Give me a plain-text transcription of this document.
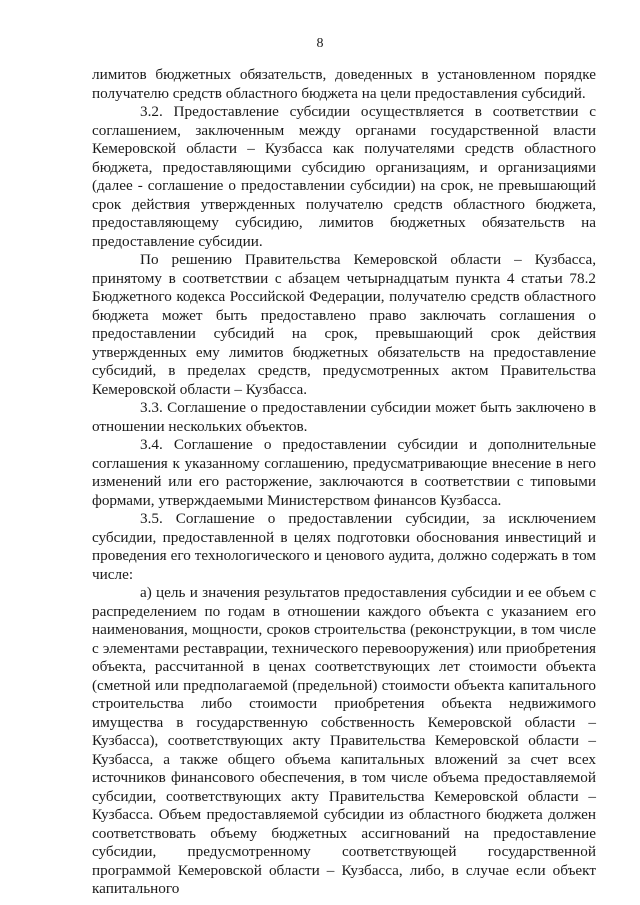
8

лимитов бюджетных обязательств, доведенных в установленном порядке получателю средств областного бюджета на цели предоставления субсидий.

3.2. Предоставление субсидии осуществляется в соответствии с соглашением, заключенным между органами государственной власти Кемеровской области – Кузбасса как получателями средств областного бюджета, предоставляющими субсидию организациям, и организациями (далее - соглашение о предоставлении субсидии) на срок, не превышающий срок действия утвержденных получателю средств областного бюджета, предоставляющему субсидию, лимитов бюджетных обязательств на предоставление субсидии.

По решению Правительства Кемеровской области – Кузбасса, принятому в соответствии с абзацем четырнадцатым пункта 4 статьи 78.2 Бюджетного кодекса Российской Федерации, получателю средств областного бюджета может быть предоставлено право заключать соглашения о предоставлении субсидий на срок, превышающий срок действия утвержденных ему лимитов бюджетных обязательств на предоставление субсидий, в пределах средств, предусмотренных актом Правительства Кемеровской области – Кузбасса.

3.3. Соглашение о предоставлении субсидии может быть заключено в отношении нескольких объектов.

3.4. Соглашение о предоставлении субсидии и дополнительные соглашения к указанному соглашению, предусматривающие внесение в него изменений или его расторжение, заключаются в соответствии с типовыми формами, утверждаемыми Министерством финансов Кузбасса.

3.5. Соглашение о предоставлении субсидии, за исключением субсидии, предоставленной в целях подготовки обоснования инвестиций и проведения его технологического и ценового аудита, должно содержать в том числе:

а) цель и значения результатов предоставления субсидии и ее объем с распределением по годам в отношении каждого объекта с указанием его наименования, мощности, сроков строительства (реконструкции, в том числе с элементами реставрации, технического перевооружения) или приобретения объекта, рассчитанной в ценах соответствующих лет стоимости объекта (сметной или предполагаемой (предельной) стоимости объекта капитального строительства либо стоимости приобретения объекта недвижимого имущества в государственную собственность Кемеровской области – Кузбасса), соответствующих акту Правительства Кемеровской области – Кузбасса, а также общего объема капитальных вложений за счет всех источников финансового обеспечения, в том числе объема предоставляемой субсидии, соответствующих акту Правительства Кемеровской области – Кузбасса. Объем предоставляемой субсидии из областного бюджета должен соответствовать объему бюджетных ассигнований на предоставление субсидии, предусмотренному соответствующей государственной программой Кемеровской области – Кузбасса, либо, в случае если объект капитального
